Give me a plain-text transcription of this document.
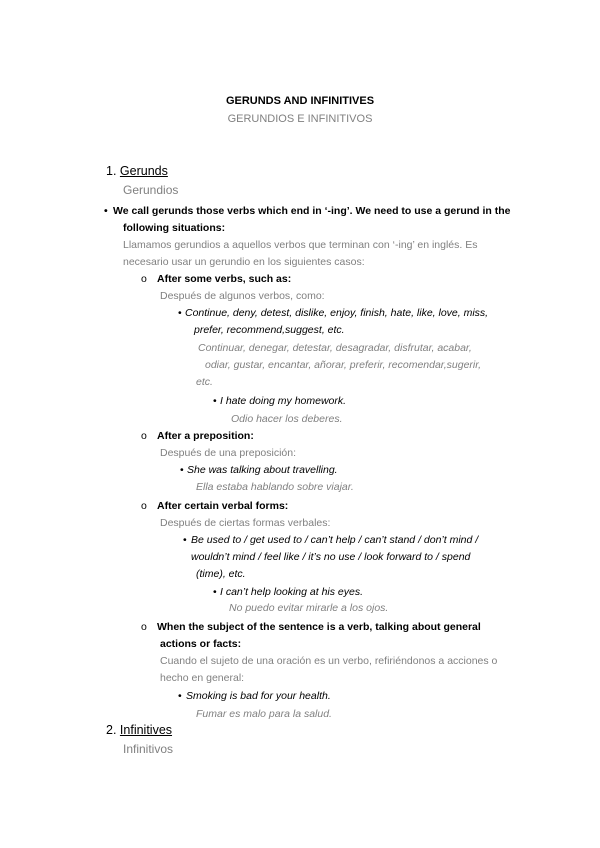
GERUNDS AND INFINITIVES
GERUNDIOS E INFINITIVOS
1. Gerunds
Gerundios
• We call gerunds those verbs which end in ‘-ing’. We need to use a gerund in the
following situations:
Llamamos gerundios a aquellos verbos que terminan con ‘-ing’ en inglés. Es
necesario usar un gerundio en los siguientes casos:
o After some verbs, such as:
Después de algunos verbos, como:
• Continue, deny, detest, dislike, enjoy, finish, hate, like, love, miss,
prefer, recommend,suggest, etc.
Continuar, denegar, detestar, desagradar, disfrutar, acabar,
odiar, gustar, encantar, añorar, preferir, recomendar,sugerir,
etc.
• I hate doing my homework.
Odio hacer los deberes.
o After a preposition:
Después de una preposición:
• She was talking about travelling.
Ella estaba hablando sobre viajar.
o After certain verbal forms:
Después de ciertas formas verbales:
• Be used to / get used to / can’t help / can’t stand / don’t mind /
wouldn’t mind / feel like / it’s no use / look forward to / spend
(time), etc.
• I can’t help looking at his eyes.
No puedo evitar mirarle a los ojos.
o When the subject of the sentence is a verb, talking about general
actions or facts:
Cuando el sujeto de una oración es un verbo, refiriéndonos a acciones o
hecho en general:
• Smoking is bad for your health.
Fumar es malo para la salud.
2. Infinitives
Infinitivos
